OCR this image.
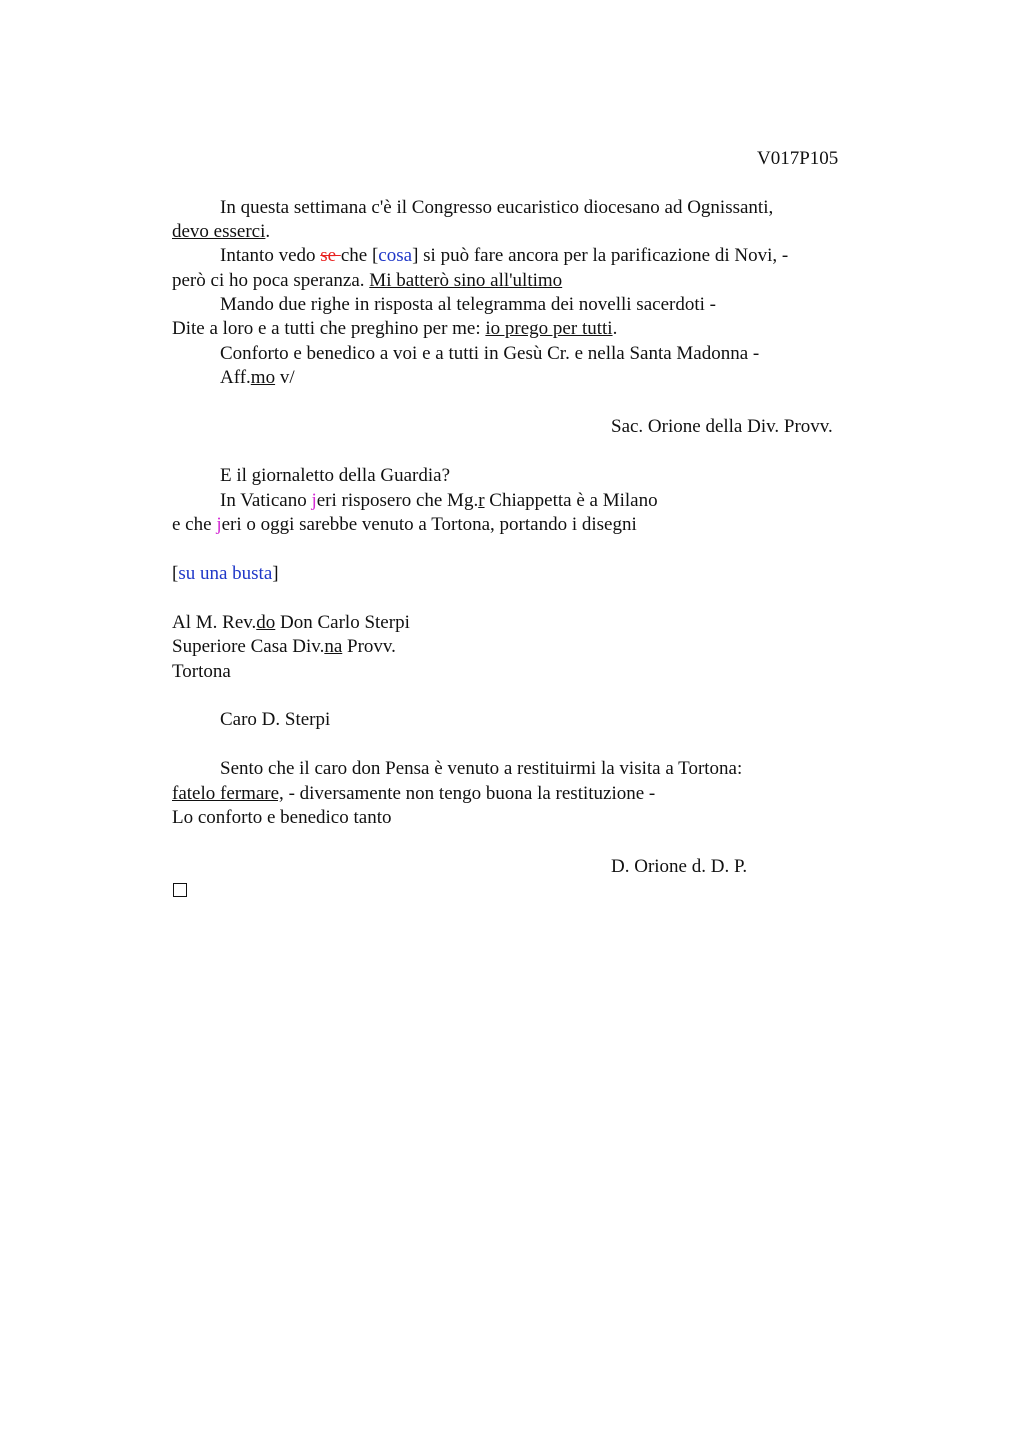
V017P105
In questa settimana c'è il Congresso eucaristico diocesano ad Ognissanti,
devo esserci.
Intanto vedo se che [cosa] si può fare ancora per la parificazione di Novi, -
però ci ho poca speranza. Mi batterò sino all'ultimo
Mando due righe in risposta al telegramma dei novelli sacerdoti -
Dite a loro e a tutti che preghino per me: io prego per tutti.
Conforto e benedico a voi e a tutti in Gesù Cr. e nella Santa Madonna -
Aff.mo v/
Sac. Orione della Div. Provv.
E il giornaletto della Guardia?
In Vaticano jeri risposero che Mg.r Chiappetta è a Milano
e che jeri o oggi sarebbe venuto a Tortona, portando i disegni
[su una busta]
Al M. Rev.do Don Carlo Sterpi
Superiore Casa Div.na Provv.
Tortona
Caro D. Sterpi
Sento che il caro don Pensa è venuto a restituirmi la visita a Tortona:
fatelo fermare, - diversamente non tengo buona la restituzione -
Lo conforto e benedico tanto
D. Orione d. D. P.
